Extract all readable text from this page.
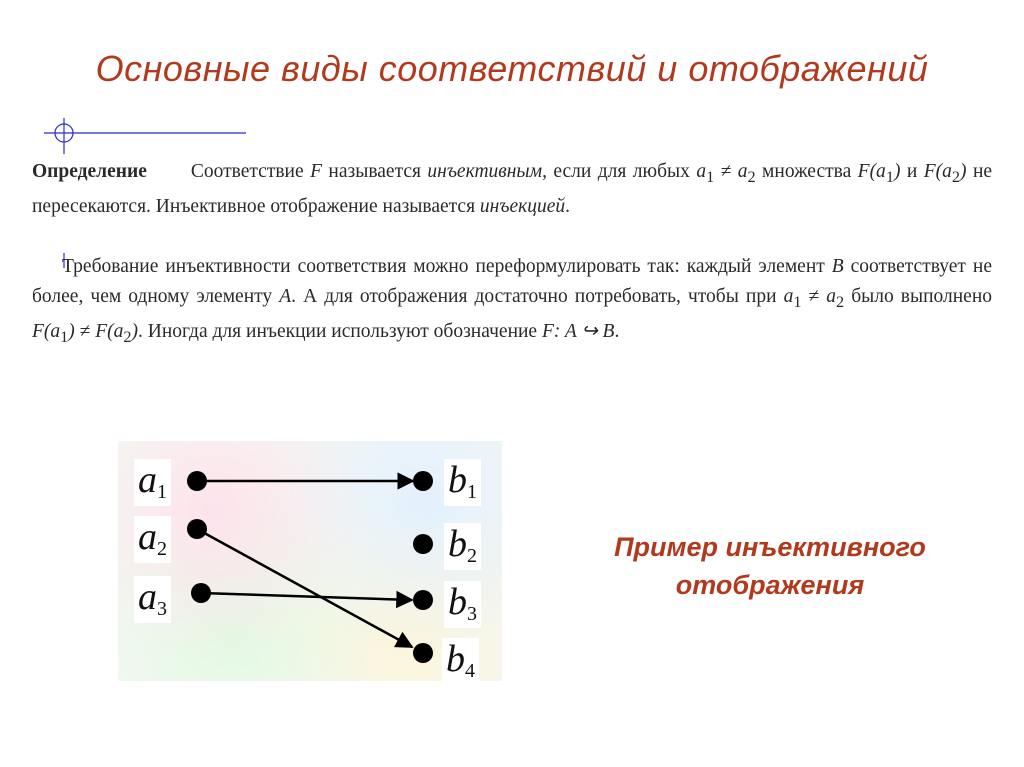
Основные виды соответствий и отображений

Определение Соответствие F называется инъективным, если для любых $a_1 \ne a_2$ множества $F(a_1)$ и $F(a_2)$ не пересекаются. Инъективное отображение называется инъекцией.

Требование инъективности соответствия можно переформулировать так: каждый элемент B соответствует не более, чем одному элементу A. А для отображения достаточно потребовать, чтобы при $a_1 \ne a_2$ было выполнено $F(a_1) \ne F(a_2)$. Иногда для инъекции используют обозначение F: A ↪ B.

$a_1$
$a_2$
$a_3$
$b_1$
$b_2$
$b_3$
$b_4$
Пример инъективного
отображения
